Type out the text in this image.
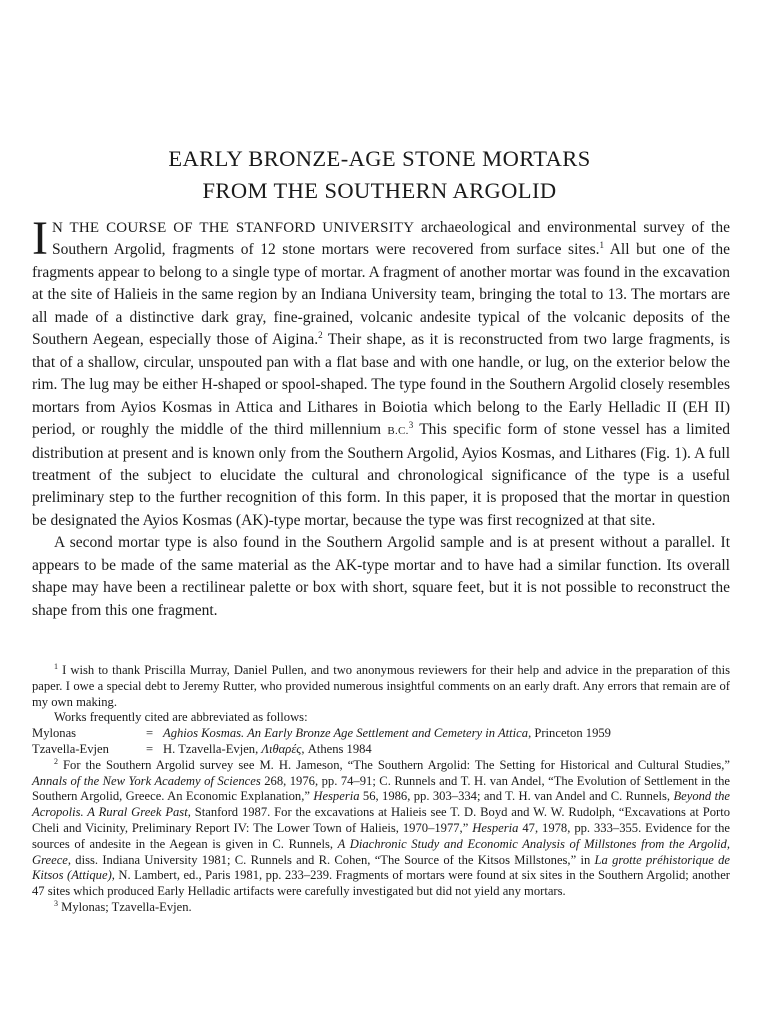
EARLY BRONZE-AGE STONE MORTARS
FROM THE SOUTHERN ARGOLID

I N THE COURSE OF THE STANFORD UNIVERSITY archaeological and environmental survey of the Southern Argolid, fragments of 12 stone mortars were recovered from surface sites.$^1$ All but one of the fragments appear to belong to a single type of mortar. A fragment of another mortar was found in the excavation at the site of Halieis in the same region by an Indiana University team, bringing the total to 13. The mortars are all made of a distinctive dark gray, fine-grained, volcanic andesite typical of the volcanic deposits of the Southern Aegean, especially those of Aigina.$^2$ Their shape, as it is reconstructed from two large fragments, is that of a shallow, circular, unspouted pan with a flat base and with one handle, or lug, on the exterior below the rim. The lug may be either H-shaped or spool-shaped. The type found in the Southern Argolid closely resembles mortars from Ayios Kosmas in Attica and Lithares in Boiotia which belong to the Early Helladic II (EH II) period, or roughly the middle of the third millennium B.C.$^3$ This specific form of stone vessel has a limited distribution at present and is known only from the Southern Argolid, Ayios Kosmas, and Lithares (Fig. 1). A full treatment of the subject to elucidate the cultural and chronological significance of the type is a useful preliminary step to the further recognition of this form. In this paper, it is proposed that the mortar in question be designated the Ayios Kosmas (AK)-type mortar, because the type was first recognized at that site.

A second mortar type is also found in the Southern Argolid sample and is at present without a parallel. It appears to be made of the same material as the AK-type mortar and to have had a similar function. Its overall shape may have been a rectilinear palette or box with short, square feet, but it is not possible to reconstruct the shape from this one fragment.

$^1$ I wish to thank Priscilla Murray, Daniel Pullen, and two anonymous reviewers for their help and advice in the preparation of this paper. I owe a special debt to Jeremy Rutter, who provided numerous insightful comments on an early draft. Any errors that remain are of my own making.

Works frequently cited are abbreviated as follows:

Mylonas	= Aghios Kosmas. An Early Bronze Age Settlement and Cemetery in Attica, Princeton 1959
Tzavella-Evjen	= H. Tzavella-Evjen, Λιθαρές, Athens 1984

$^2$ For the Southern Argolid survey see M. H. Jameson, “The Southern Argolid: The Setting for Historical and Cultural Studies,” Annals of the New York Academy of Sciences 268, 1976, pp. 74–91; C. Runnels and T. H. van Andel, “The Evolution of Settlement in the Southern Argolid, Greece. An Economic Explanation,” Hesperia 56, 1986, pp. 303–334; and T. H. van Andel and C. Runnels, Beyond the Acropolis. A Rural Greek Past, Stanford 1987. For the excavations at Halieis see T. D. Boyd and W. W. Rudolph, “Excavations at Porto Cheli and Vicinity, Preliminary Report IV: The Lower Town of Halieis, 1970–1977,” Hesperia 47, 1978, pp. 333–355. Evidence for the sources of andesite in the Aegean is given in C. Runnels, A Diachronic Study and Economic Analysis of Millstones from the Argolid, Greece, diss. Indiana University 1981; C. Runnels and R. Cohen, “The Source of the Kitsos Millstones,” in La grotte préhistorique de Kitsos (Attique), N. Lambert, ed., Paris 1981, pp. 233–239. Fragments of mortars were found at six sites in the Southern Argolid; another 47 sites which produced Early Helladic artifacts were carefully investigated but did not yield any mortars.

$^3$ Mylonas; Tzavella-Evjen.
